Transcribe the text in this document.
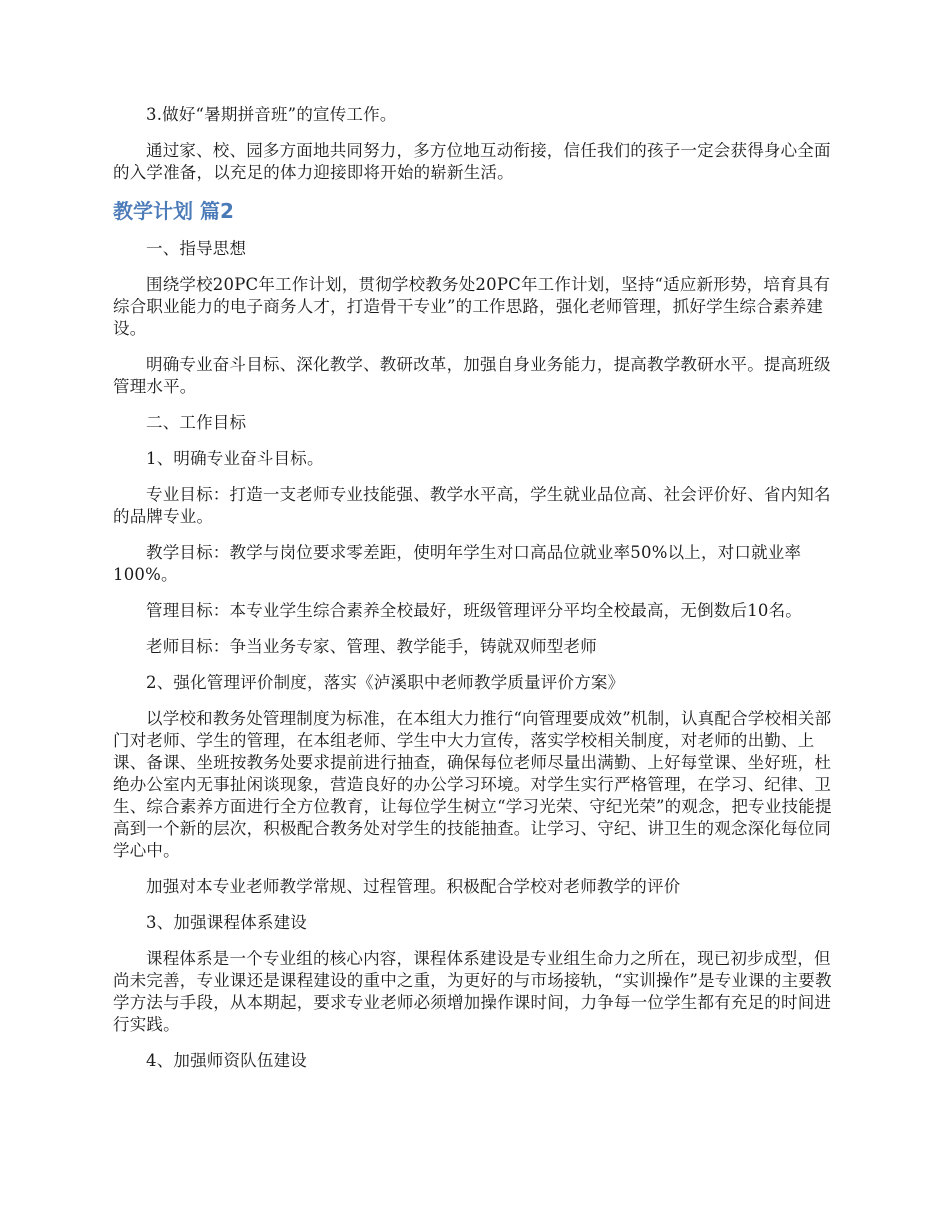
3.做好“暑期拼音班”的宣传工作。

通过家、校、园多方面地共同努力，多方位地互动衔接，信任我们的孩子一定会获得身心全面的入学准备，以充足的体力迎接即将开始的崭新生活。

教学计划 篇2

一、指导思想

围绕学校20PC年工作计划，贯彻学校教务处20PC年工作计划，坚持“适应新形势，培育具有综合职业能力的电子商务人才，打造骨干专业”的工作思路，强化老师管理，抓好学生综合素养建设。

明确专业奋斗目标、深化教学、教研改革，加强自身业务能力，提高教学教研水平。提高班级管理水平。

二、工作目标

1、明确专业奋斗目标。

专业目标：打造一支老师专业技能强、教学水平高，学生就业品位高、社会评价好、省内知名的品牌专业。

教学目标：教学与岗位要求零差距，使明年学生对口高品位就业率50%以上，对口就业率100%。

管理目标：本专业学生综合素养全校最好，班级管理评分平均全校最高，无倒数后10名。

老师目标：争当业务专家、管理、教学能手，铸就双师型老师

2、强化管理评价制度，落实《泸溪职中老师教学质量评价方案》

以学校和教务处管理制度为标准，在本组大力推行“向管理要成效”机制，认真配合学校相关部门对老师、学生的管理，在本组老师、学生中大力宣传，落实学校相关制度，对老师的出勤、上课、备课、坐班按教务处要求提前进行抽查，确保每位老师尽量出满勤、上好每堂课、坐好班，杜绝办公室内无事扯闲谈现象，营造良好的办公学习环境。对学生实行严格管理，在学习、纪律、卫生、综合素养方面进行全方位教育，让每位学生树立“学习光荣、守纪光荣”的观念，把专业技能提高到一个新的层次，积极配合教务处对学生的技能抽查。让学习、守纪、讲卫生的观念深化每位同学心中。

加强对本专业老师教学常规、过程管理。积极配合学校对老师教学的评价

3、加强课程体系建设

课程体系是一个专业组的核心内容，课程体系建设是专业组生命力之所在，现已初步成型，但尚未完善，专业课还是课程建设的重中之重，为更好的与市场接轨，“实训操作”是专业课的主要教学方法与手段，从本期起，要求专业老师必须增加操作课时间，力争每一位学生都有充足的时间进行实践。

4、加强师资队伍建设
